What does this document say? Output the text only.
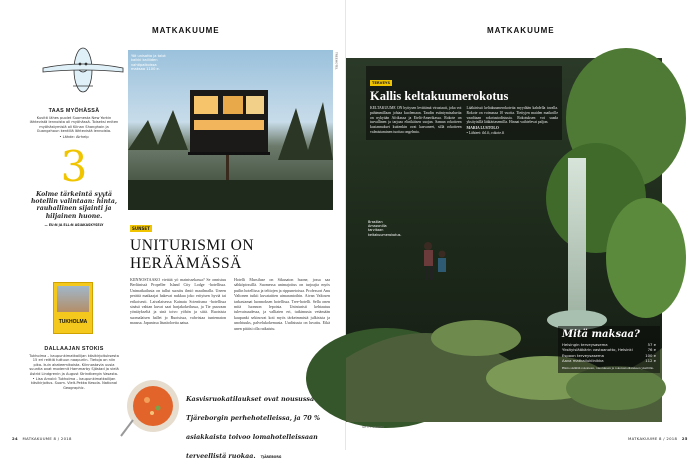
MATKAKUUME	MATKAKUUME
TAAS MYÖHÄSSÄ
Kuvitti lähes puolet Suomesta New Yorkin lähtevistä lennoista oli myöhässä. Toiseksi eniten myöhästymisiä oli Kiinan Shanghain ja Guangzhoun kentillä lähtevistä lennoista.
• Lähde: Airhelp
3
Kolme tärkeintä syytä hotellin valintaan: hinta, rauhallinen sijainti ja hiljainen huone.
— EU:N JA ELL:N ASIAKASKYSELY
TUKHOLMA
DALLAAJAN STOKIS
Tukholma – kaupunkimatkailijan käsikirjoituksesta 15 eri reittiä tuttuun naapuriin. Tietoja on niin pika- kuin akateemikoista. Kiinnostavia uusia suuntia ovat modernit Hammarby Sjöstad ja vielä Astrid Lindgrenin ja August Strindbergin Vasasta.
• Lisa Arnold: Tukholma – kaupunkimatkailijan käsikirjoitus. Suom. Vielt-Pekka Kesola. National Geographic.
Yöt unisatta ja talot kaikki kalliiden vahtipaikoissa maksaa 1100 e.	TREEHOTEL
SUNSET
UNITURISMI ON HERÄÄMÄSSÄ
KIINNOSTAAKO viettää yö mainissekassa? Se onnistuu Berliinissä Propeller Island City Lodge -hotellissa. Unimatkailusta on tullut suositu ilmiö maailmalla. Uneen perättä matkaajat hakevat nukkua joko erityisen hyviä tai erikoisesti. Laivalaisessa Kainata Scientisma -hotellissa sinäsä vahtan kuvat saat harjakokeilussa, ja Tie puuvaan yöniäykseltä ja sinä toivo yöhön ja siitä. Ruotsista suomalaisen hallet jo Ruotsissa, vahvistaa tuntematon maassa. Japanissa läsnäoloetta aatua.
Hotelli Marsiluse on Sikusaton huone, jossa saa sähköpirssillä. Suomessa unimajoitus on tarjoajia myös puilin hotellissa ja telttojen ja rippunetoissa. Professori Anu Valtonen tutkii kuvataitten uimarantoihin. Aivan Valtosen tarkastamat luonnoksen hotellissa. Tree-hotelli. Sella onen mitä luonnon lepoista. Uninturisti kehtautuu tulevaisuudessa, ja valliaten eri, tutkimusta vetämään kaupunki sekinovat koti myös tärkeimmistä julkisista ja unohtuuks, palvelukokemusta. Uudistusta on luvattu. Eikä unen pitäisi olla ratkaistu.
Kasvisruokatilaukset ovat nousussa Tjäreborgin perhehotelleissa, ja 70 % asiakkaista toivoo lomahotelleissaan terveellistä ruokaa. TJÄREBORG
24 MATKAKUUME 8 / 2018
TERVEYS
Kallis keltakuumerokotus
KELTAKUUME ON hyttysen levittämä virustauti, joka voi pahimmillaan johtaa kuolemaan. Taudin esiintymisalueita on nykyään Afrikassa ja Etelä-Amerikassa. Rokote on turvallinen ja tarjoaa elinikäisen suojan. Saman rokotteen kustannukset kuitenkin ovat kasvaneet, sillä rokotteen valmistaminen tuottaa ongelmia.
Lääkärissä keltakuumerokotetta myydään kahdella tavalla. Rokote on voimassa 10 vuotta. Tiettyjen maiden matkoille vaaditaan rokotustodistusta. Rokotuksen voi saada yksityisillä lääkäriasemilla. Hinnat vaihtelevat paljon.
MARIA LUSTOLO
• Lähteet: thl.fi, rokote.fi
Brasilian Amazonilla tarvitaan keltakuumerokotus.
Mitä maksaa?
Helsingin terveysasema	57 e
Yksityislääkärin vastaanotto, Helsinki	76 e
Espoon terveysasema	100 e
Aava matkailuklinikka	112 e
Hinta sisältää rokotteen, rokotuksen ja rokotustodistuksen yksilölle.
GETTY IMAGES
MATKAKUUME 8 / 2018 25
